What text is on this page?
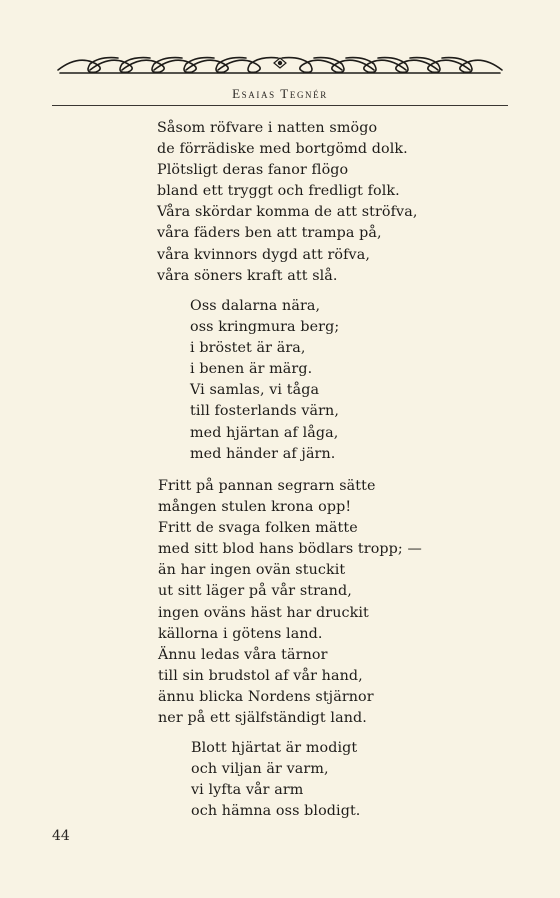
Esaias Tegnér
Såsom röfvare i natten smögo
de förrädiske med bortgömd dolk.
Plötsligt deras fanor flögo
bland ett tryggt och fredligt folk.
Våra skördar komma de att ströfva,
våra fäders ben att trampa på,
våra kvinnors dygd att röfva,
våra söners kraft att slå.
Oss dalarna nära,
oss kringmura berg;
i bröstet är ära,
i benen är märg.
Vi samlas, vi tåga
till fosterlands värn,
med hjärtan af låga,
med händer af järn.
Fritt på pannan segrarn sätte
mången stulen krona opp!
Fritt de svaga folken mätte
med sitt blod hans bödlars tropp; —
än har ingen ovän stuckit
ut sitt läger på vår strand,
ingen oväns häst har druckit
källorna i götens land.
Ännu ledas våra tärnor
till sin brudstol af vår hand,
ännu blicka Nordens stjärnor
ner på ett själfständigt land.
Blott hjärtat är modigt
och viljan är varm,
vi lyfta vår arm
och hämna oss blodigt.
44
